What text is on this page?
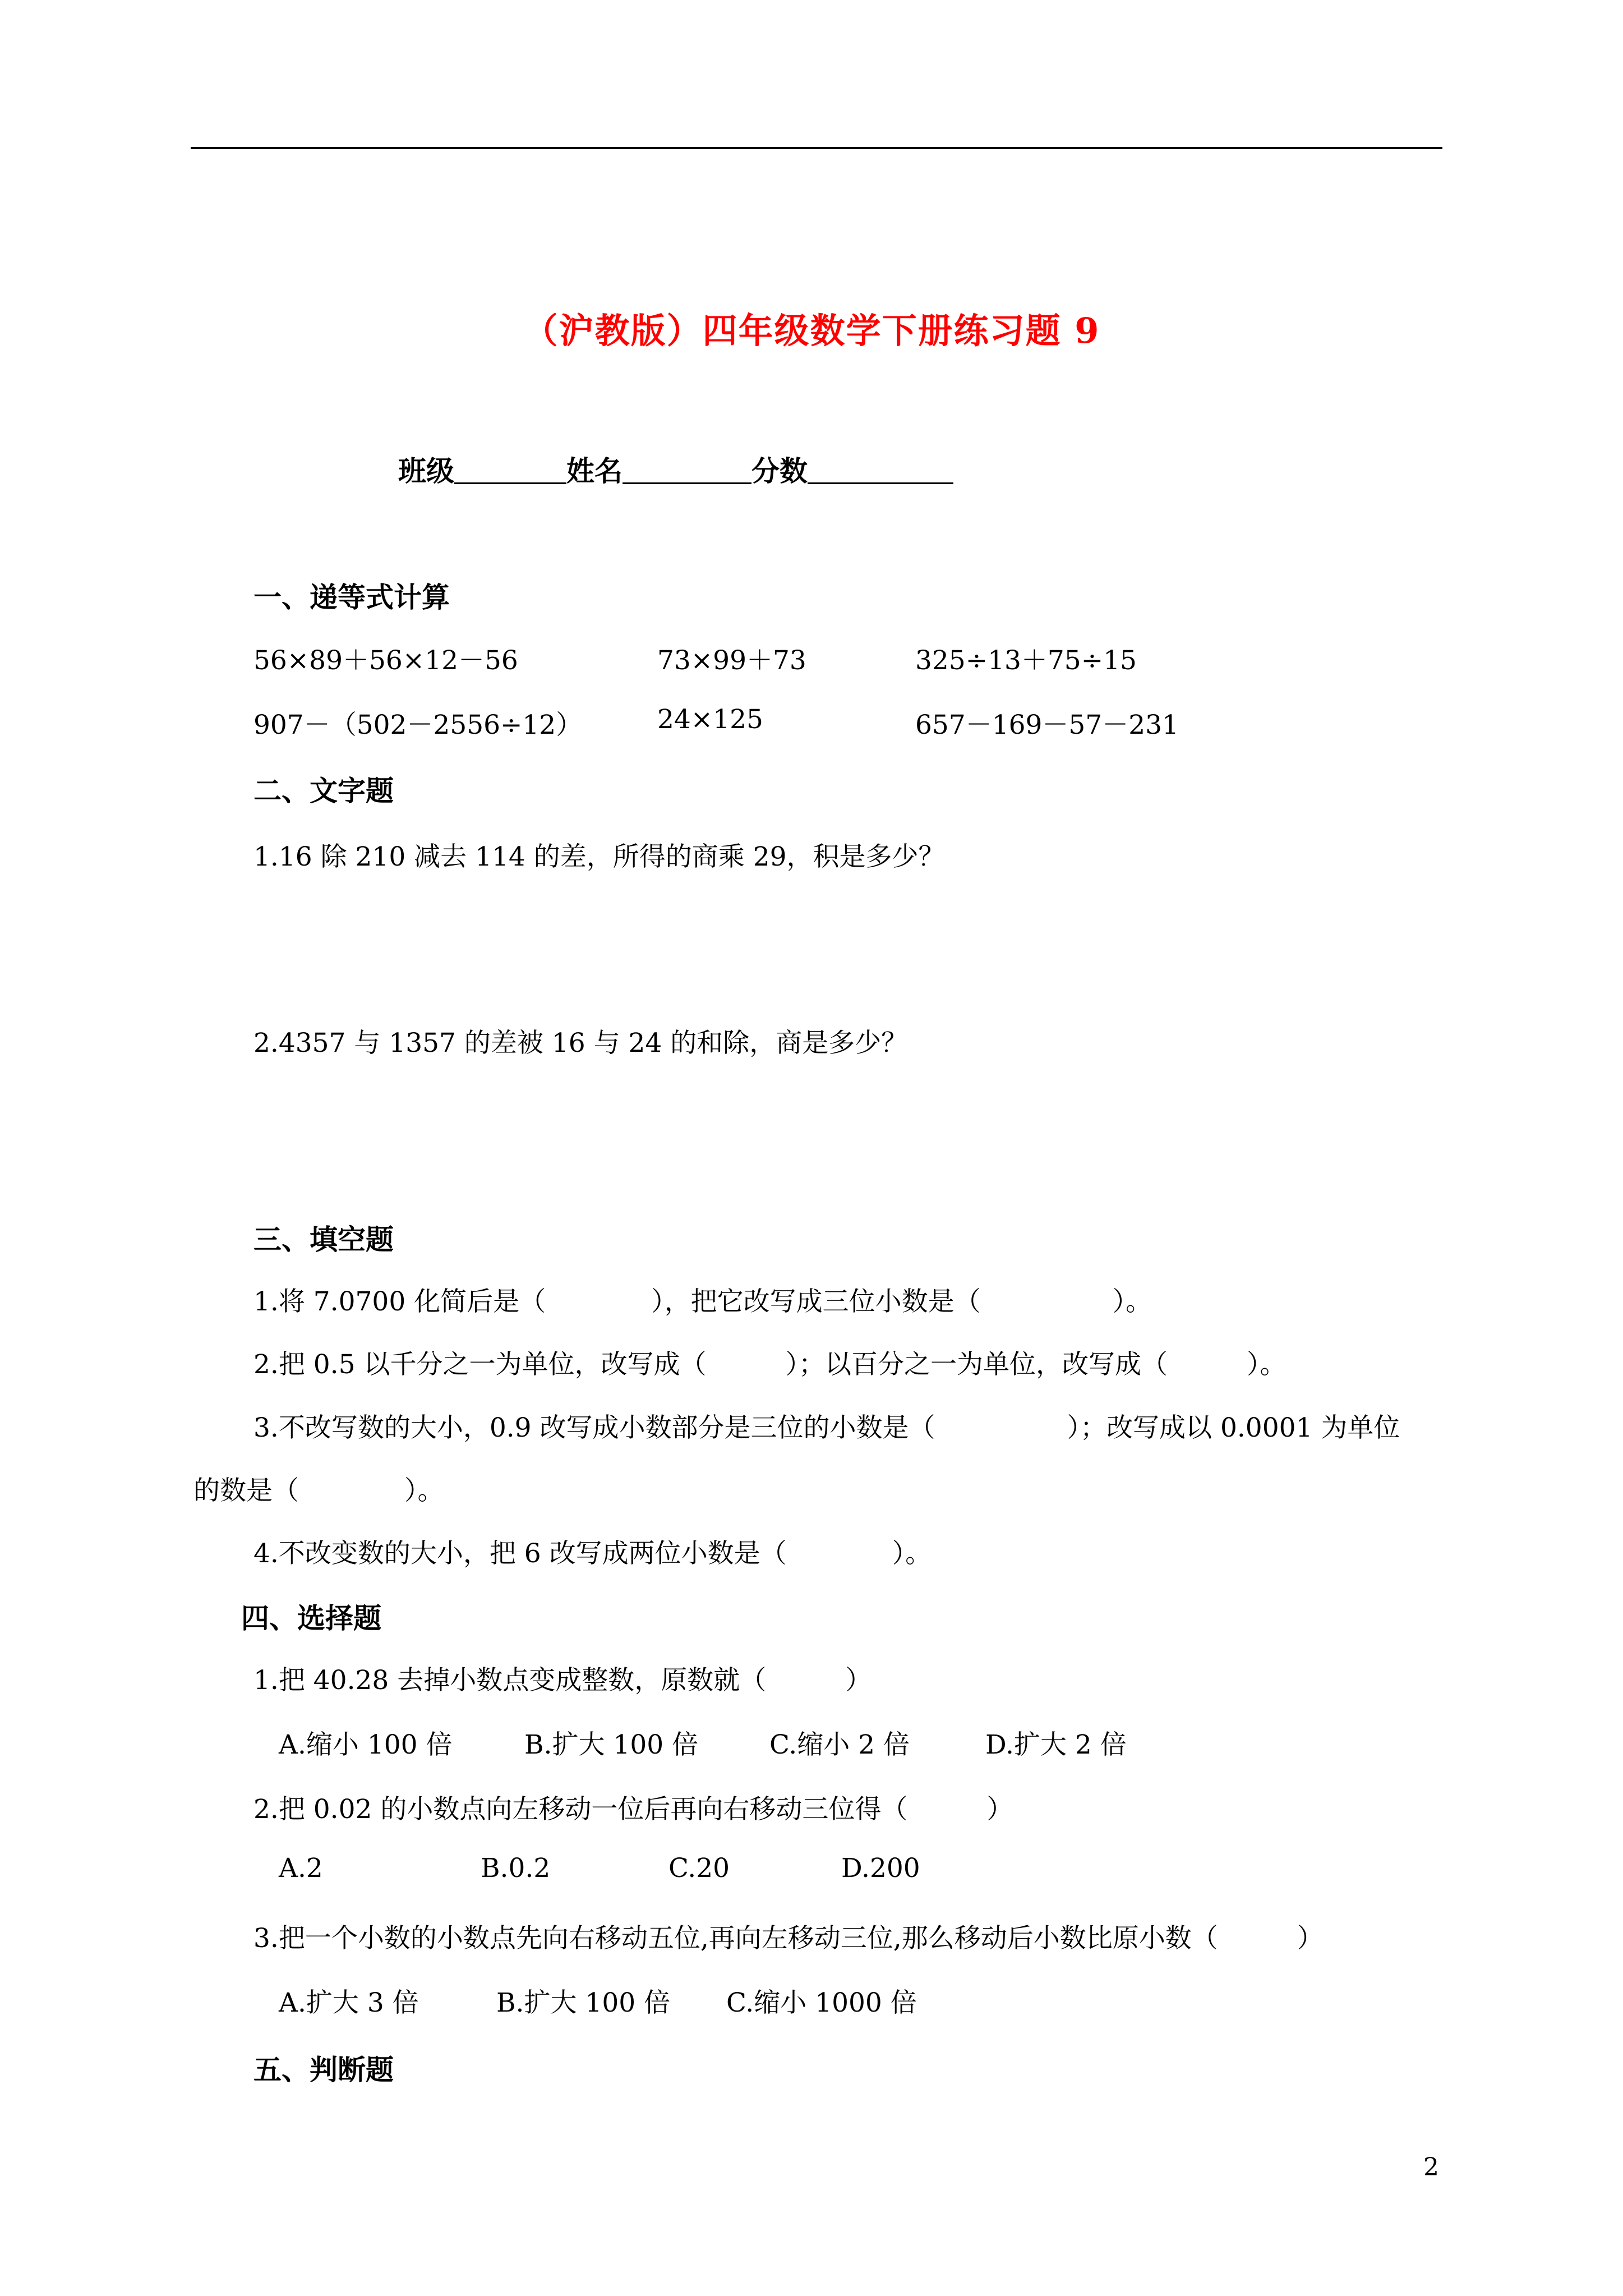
（沪教版）四年级数学下册练习题 9
班级	姓名	分数
一、递等式计算
56×89＋56×12－56	73×99＋73	325÷13＋75÷15
907－（502－2556÷12）	24×125	657－169－57－231
二、文字题
1.16 除 210 减去 114 的差，所得的商乘 29，积是多少？
2.4357 与 1357 的差被 16 与 24 的和除，商是多少？
三、填空题
1.将 7.0700 化简后是（　　　　），把它改写成三位小数是（　　　　　）。
2.把 0.5 以千分之一为单位，改写成（　　　）；以百分之一为单位，改写成（　　　）。
3.不改写数的大小，0.9 改写成小数部分是三位的小数是（　　　　　）；改写成以 0.0001 为单位
的数是（　　　　）。
4.不改变数的大小，把 6 改写成两位小数是（　　　　）。
四、选择题
1.把 40.28 去掉小数点变成整数，原数就（　　　）
A.缩小 100 倍	B.扩大 100 倍	C.缩小 2 倍	D.扩大 2 倍
2.把 0.02 的小数点向左移动一位后再向右移动三位得（　　　）
A.2	B.0.2	C.20	D.200
3.把一个小数的小数点先向右移动五位,再向左移动三位,那么移动后小数比原小数（　　　）
A.扩大 3 倍	B.扩大 100 倍 C.缩小 1000 倍
五、判断题
2
